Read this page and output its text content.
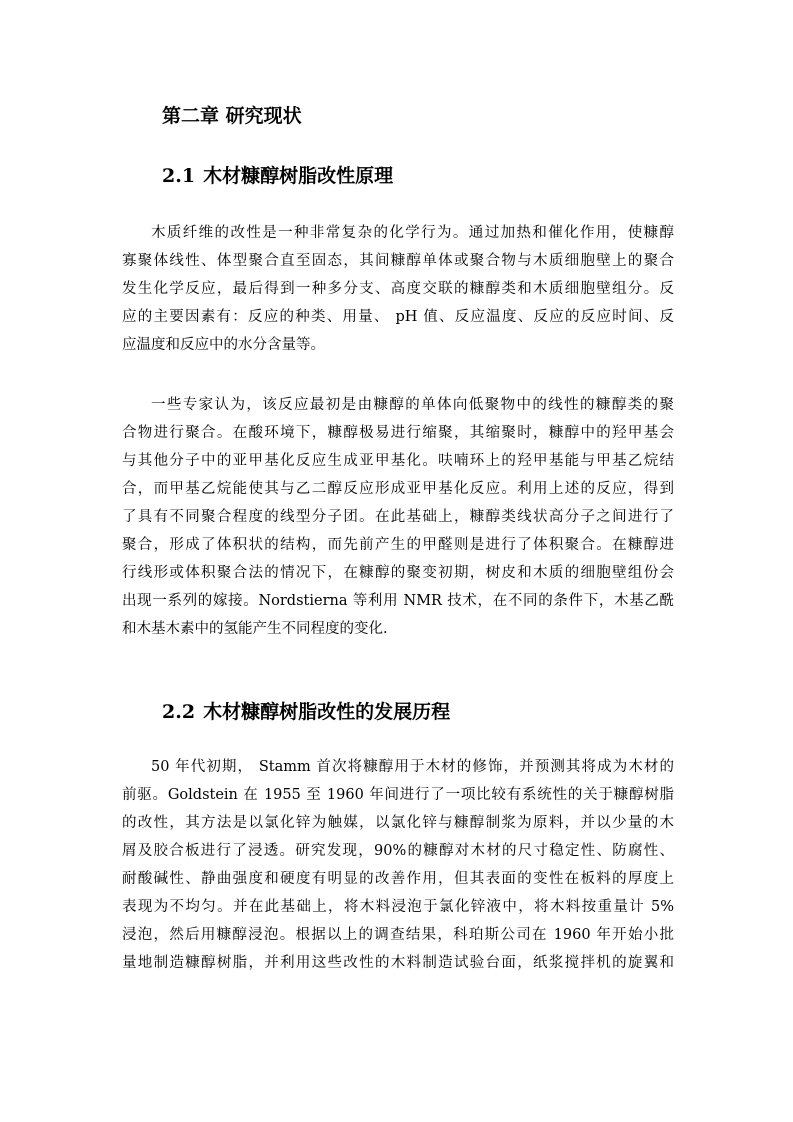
第二章 研究现状
2.1 木材糠醇树脂改性原理
木质纤维的改性是一种非常复杂的化学行为。通过加热和催化作用，使糠醇
寡聚体线性、体型聚合直至固态，其间糠醇单体或聚合物与木质细胞壁上的聚合
发生化学反应，最后得到一种多分支、高度交联的糠醇类和木质细胞壁组分。反
应的主要因素有：反应的种类、用量、 pH 值、反应温度、反应的反应时间、反
应温度和反应中的水分含量等。
一些专家认为，该反应最初是由糠醇的单体向低聚物中的线性的糠醇类的聚
合物进行聚合。在酸环境下，糠醇极易进行缩聚，其缩聚时，糠醇中的羟甲基会
与其他分子中的亚甲基化反应生成亚甲基化。呋喃环上的羟甲基能与甲基乙烷结
合，而甲基乙烷能使其与乙二醇反应形成亚甲基化反应。利用上述的反应，得到
了具有不同聚合程度的线型分子团。在此基础上，糠醇类线状高分子之间进行了
聚合，形成了体积状的结构，而先前产生的甲醛则是进行了体积聚合。在糠醇进
行线形或体积聚合法的情况下，在糠醇的聚变初期，树皮和木质的细胞壁组份会
出现一系列的嫁接。Nordstierna 等利用 NMR 技术，在不同的条件下，木基乙酰
和木基木素中的氢能产生不同程度的变化.
2.2 木材糠醇树脂改性的发展历程
50 年代初期， Stamm 首次将糠醇用于木材的修饰，并预测其将成为木材的
前驱。Goldstein 在 1955 至 1960 年间进行了一项比较有系统性的关于糠醇树脂
的改性，其方法是以氯化锌为触媒，以氯化锌与糠醇制浆为原料，并以少量的木
屑及胶合板进行了浸透。研究发现，90%的糠醇对木材的尺寸稳定性、防腐性、
耐酸碱性、静曲强度和硬度有明显的改善作用，但其表面的变性在板料的厚度上
表现为不均匀。并在此基础上，将木料浸泡于氯化锌液中，将木料按重量计 5%
浸泡，然后用糠醇浸泡。根据以上的调查结果，科珀斯公司在 1960 年开始小批
量地制造糠醇树脂，并利用这些改性的木料制造试验台面，纸浆搅拌机的旋翼和
